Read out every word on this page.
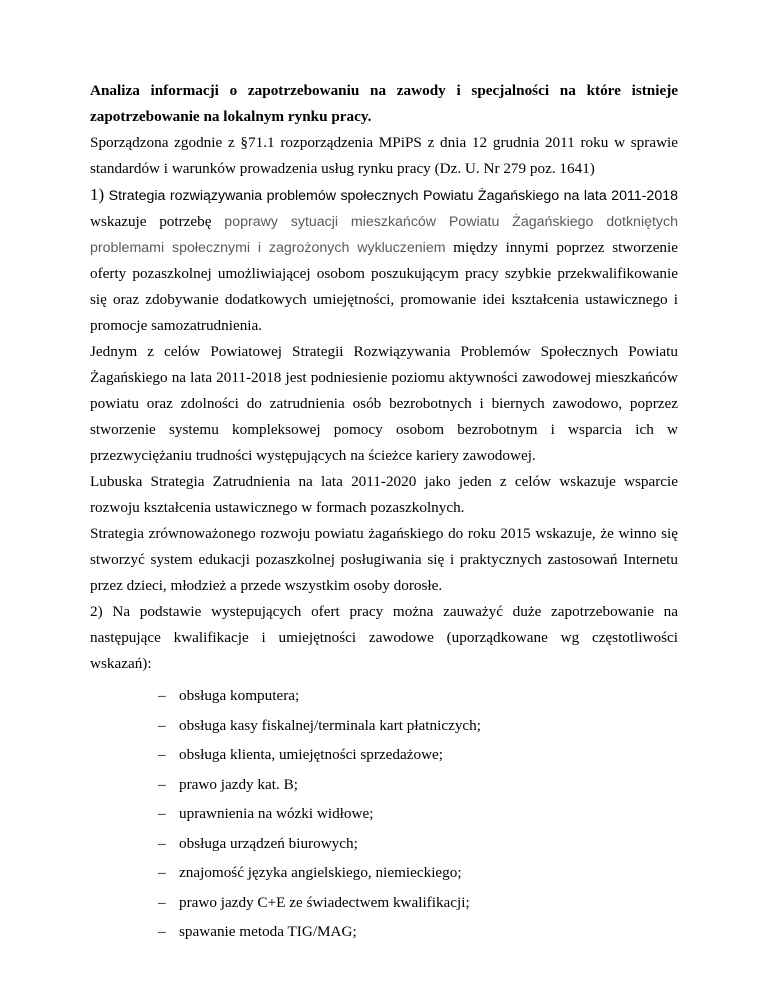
Analiza informacji o zapotrzebowaniu na zawody i specjalności na które istnieje zapotrzebowanie na lokalnym rynku pracy.

Sporządzona zgodnie z §71.1 rozporządzenia MPiPS z dnia 12 grudnia 2011 roku w sprawie standardów i warunków prowadzenia usług rynku pracy (Dz. U. Nr 279 poz. 1641)

1) Strategia rozwiązywania problemów społecznych Powiatu Żagańskiego na lata 2011-2018 wskazuje potrzebę poprawy sytuacji mieszkańców Powiatu Żagańskiego dotkniętych problemami społecznymi i zagrożonych wykluczeniem między innymi poprzez stworzenie oferty pozaszkolnej umożliwiającej osobom poszukującym pracy szybkie przekwalifikowanie się oraz zdobywanie dodatkowych umiejętności, promowanie idei kształcenia ustawicznego i promocje samozatrudnienia.

Jednym z celów Powiatowej Strategii Rozwiązywania Problemów Społecznych Powiatu Żagańskiego na lata 2011-2018 jest podniesienie poziomu aktywności zawodowej mieszkańców powiatu oraz zdolności do zatrudnienia osób bezrobotnych i biernych zawodowo, poprzez stworzenie systemu kompleksowej pomocy osobom bezrobotnym i wsparcia ich w przezwyciężaniu trudności występujących na ścieżce kariery zawodowej.

Lubuska Strategia Zatrudnienia na lata 2011-2020 jako jeden z celów wskazuje wsparcie rozwoju kształcenia ustawicznego w formach pozaszkolnych.

Strategia zrównoważonego rozwoju powiatu żagańskiego do roku 2015 wskazuje, że winno się stworzyć system edukacji pozaszkolnej posługiwania się i praktycznych zastosowań Internetu przez dzieci, młodzież a przede wszystkim osoby dorosłe.

2) Na podstawie wystepujących ofert pracy można zauważyć duże zapotrzebowanie na następujące kwalifikacje i umiejętności zawodowe (uporządkowane wg częstotliwości wskazań):

– obsługa komputera;
– obsługa kasy fiskalnej/terminala kart płatniczych;
– obsługa klienta, umiejętności sprzedażowe;
– prawo jazdy kat. B;
– uprawnienia na wózki widłowe;
– obsługa urządzeń biurowych;
– znajomość języka angielskiego, niemieckiego;
– prawo jazdy C+E ze świadectwem kwalifikacji;
– spawanie metoda TIG/MAG;
